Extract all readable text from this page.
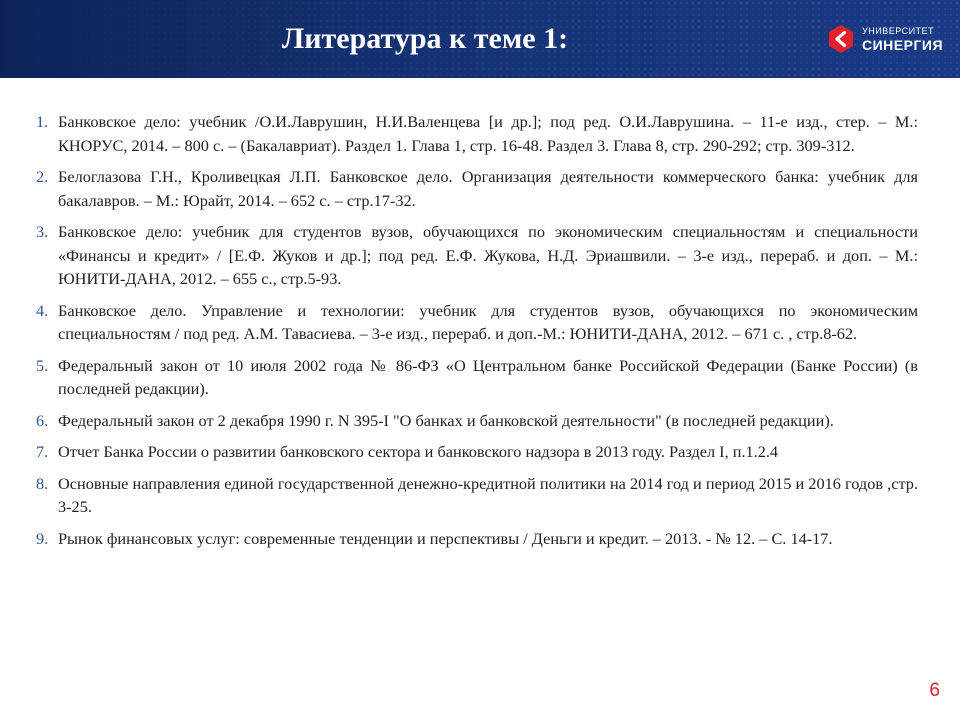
Литература к теме 1:	УНИВЕРСИТЕТ
СИНЕРГИЯ
1. Банковское дело: учебник /О.И.Лаврушин, Н.И.Валенцева [и др.]; под ред. О.И.Лаврушина. – 11-е изд., стер. – М.: КНОРУС, 2014. – 800 с. – (Бакалавриат). Раздел 1. Глава 1, стр. 16-48. Раздел 3. Глава 8, стр. 290-292; стр. 309-312.
2. Белоглазова Г.Н., Кроливецкая Л.П. Банковское дело. Организация деятельности коммерческого банка: учебник для бакалавров. – М.: Юрайт, 2014. – 652 с. – стр.17-32.
3. Банковское дело: учебник для студентов вузов, обучающихся по экономическим специальностям и специальности «Финансы и кредит» / [Е.Ф. Жуков и др.]; под ред. Е.Ф. Жукова, Н.Д. Эриашвили. – 3-е изд., перераб. и доп. – М.: ЮНИТИ-ДАНА, 2012. – 655 с., стр.5-93.
4. Банковское дело. Управление и технологии: учебник для студентов вузов, обучающихся по экономическим специальностям / под ред. А.М. Тавасиева. – 3-е изд., перераб. и доп.-М.: ЮНИТИ-ДАНА, 2012. – 671 с. , стр.8-62.
5. Федеральный закон от 10 июля 2002 года № 86-ФЗ «О Центральном банке Российской Федерации (Банке России) (в последней редакции).
6. Федеральный закон от 2 декабря 1990 г. N 395-I "О банках и банковской деятельности" (в последней редакции).
7. Отчет Банка России о развитии банковского сектора и банковского надзора в 2013 году. Раздел I, п.1.2.4
8. Основные направления единой государственной денежно-кредитной политики на 2014 год и период 2015 и 2016 годов ,стр. 3-25.
9. Рынок финансовых услуг: современные тенденции и перспективы / Деньги и кредит. – 2013. - № 12. – С. 14-17.
6
